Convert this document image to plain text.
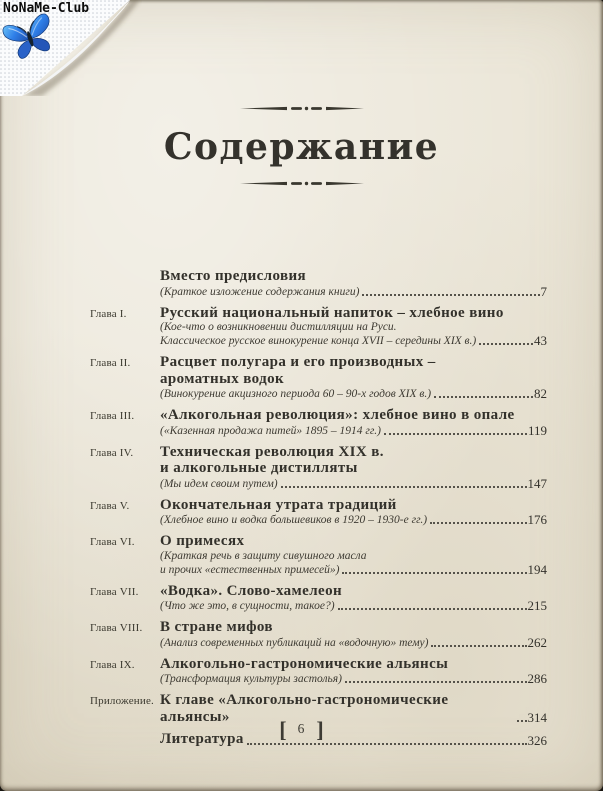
NoNaMe-Club
Содержание
Вместо предисловия
(Краткое изложение содержания книги)	7
Глава I.	Русский национальный напиток – хлебное вино
(Кое-что о возникновении дистилляции на Руси.
Классическое русское винокурение конца XVII – середины XIX в.)	43
Глава II.	Расцвет полугара и его производных –
ароматных водок
(Винокурение акцизного периода 60 – 90-х годов XIX в.)	82
Глава III.	«Алкогольная революция»: хлебное вино в опале
(«Казенная продажа питей» 1895 – 1914 гг.)	119
Глава IV.	Техническая революция XIX в.
и алкогольные дистилляты
(Мы идем своим путем)	147
Глава V.	Окончательная утрата традиций
(Хлебное вино и водка большевиков в 1920 – 1930-е гг.)	176
Глава VI.	О примесях
(Краткая речь в защиту сивушного масла
и прочих «естественных примесей»)	194
Глава VII.	«Водка». Слово-хамелеон
(Что же это, в сущности, такое?)	215
Глава VIII.	В стране мифов
(Анализ современных публикаций на «водочную» тему)	262
Глава IX.	Алкогольно-гастрономические альянсы
(Трансформация культуры застолья)	286
Приложение. К главе «Алкогольно-гастрономические альянсы»	314
Литература	326
[ 6 ]
